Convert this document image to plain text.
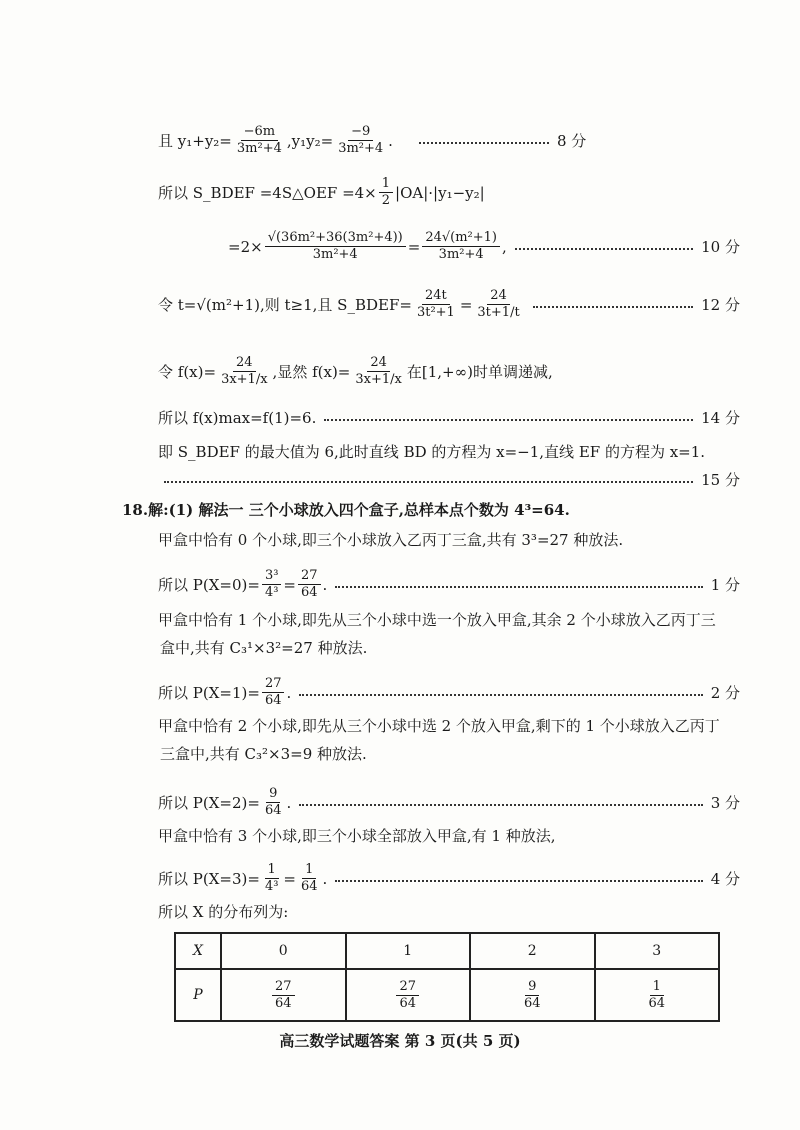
且 $y_1+y_2= \frac{-6m}{\text{3m²+4}} ,y_1y_2= \frac{-9}{\text{3m²+4}}$ .	8 分
所以 S_BDEF =4S△OEF $=4\times \frac{1}{2} |OA|\cdot|y_1-y_2|$
$=2\times \frac{\text{√(36m²+36(3m²+4))}}{\text{3m²+4}} = \frac{\text{24√(m²+1)}}{\text{3m²+4}}$ ,	10 分
令 t=√(m²+1),则 t≥1,且 S_BDEF= $\frac{24t}{\text{3t²+1}} = \frac{24}{3t+1/t}$	12 分
令 $f(x)= \frac{24}{3x+1/x}$ ,显然 $f(x)= \frac{24}{3x+1/x}$ 在[1,+∞)时单调递减,
所以 f(x)max=f(1)=6.	14 分
即 S_BDEF 的最大值为 6,此时直线 BD 的方程为 x=−1,直线 EF 的方程为 x=1.
15 分
18.解:(1) 解法一 三个小球放入四个盒子,总样本点个数为 4³=64.
甲盒中恰有 0 个小球,即三个小球放入乙丙丁三盒,共有 3³=27 种放法.
所以 $P(X=0)= \frac{\text{3³}}{\text{4³}} = \frac{27}{64}$ .	1 分
甲盒中恰有 1 个小球,即先从三个小球中选一个放入甲盒,其余 2 个小球放入乙丙丁三
盒中,共有 C₃¹×3²=27 种放法.
所以 $P(X=1)= \frac{27}{64}$ .	2 分
甲盒中恰有 2 个小球,即先从三个小球中选 2 个放入甲盒,剩下的 1 个小球放入乙丙丁
三盒中,共有 C₃²×3=9 种放法.
所以 $P(X=2)= \frac{9}{64}$ .	3 分
甲盒中恰有 3 个小球,即三个小球全部放入甲盒,有 1 种放法,
所以 $P(X=3)= \frac{1}{\text{4³}} = \frac{1}{64}$ .	4 分
所以 X 的分布列为:
X	0	1	2	3
P	$\frac{27}{64}$	$\frac{27}{64}$	$\frac{9}{64}$	$\frac{1}{64}$
高三数学试题答案 第 3 页(共 5 页)
